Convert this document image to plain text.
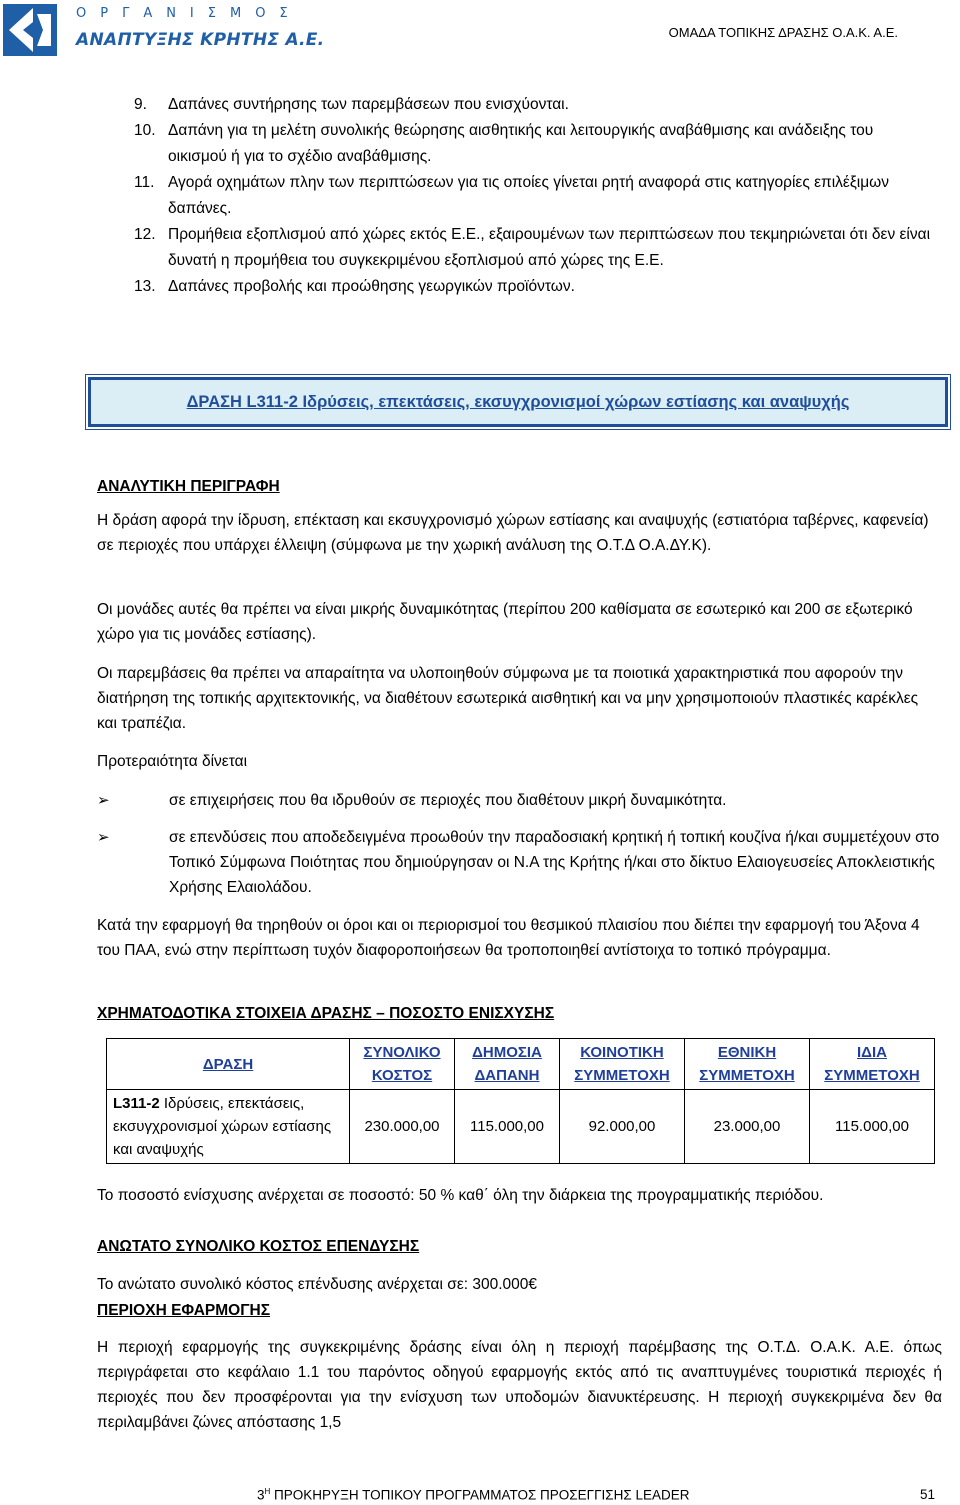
ΟΡΓΑΝΙΣΜΟΣ
ΑΝΑΠΤΥΞΗΣ ΚΡΗΤΗΣ Α.Ε.	ΟΜΑΔΑ ΤΟΠΙΚΗΣ ΔΡΑΣΗΣ Ο.Α.Κ. Α.Ε.
9.	Δαπάνες συντήρησης των παρεμβάσεων που ενισχύονται.
10. Δαπάνη για τη μελέτη συνολικής θεώρησης αισθητικής και λειτουργικής αναβάθμισης και ανάδειξης του οικισμού ή για το σχέδιο αναβάθμισης.
11. Αγορά οχημάτων πλην των περιπτώσεων για τις οποίες γίνεται ρητή αναφορά στις κατηγορίες επιλέξιμων δαπάνες.
12. Προμήθεια εξοπλισμού από χώρες εκτός Ε.Ε., εξαιρουμένων των περιπτώσεων που τεκμηριώνεται ότι δεν είναι δυνατή η προμήθεια του συγκεκριμένου εξοπλισμού από χώρες της Ε.Ε.
13. Δαπάνες προβολής και προώθησης γεωργικών προϊόντων.
ΔΡΑΣΗ L311-2 Ιδρύσεις, επεκτάσεις, εκσυγχρονισμοί χώρων εστίασης και αναψυχής
ΑΝΑΛΥΤΙΚΗ ΠΕΡΙΓΡΑΦΗ
Η δράση αφορά την ίδρυση, επέκταση και εκσυγχρονισμό χώρων εστίασης και αναψυχής (εστιατόρια ταβέρνες, καφενεία) σε περιοχές που υπάρχει έλλειψη (σύμφωνα με την χωρική ανάλυση της Ο.Τ.Δ Ο.Α.ΔΥ.Κ).
Οι μονάδες αυτές θα πρέπει να είναι μικρής δυναμικότητας (περίπου 200 καθίσματα σε εσωτερικό και 200 σε εξωτερικό χώρο για τις μονάδες εστίασης).
Οι παρεμβάσεις θα πρέπει να απαραίτητα να υλοποιηθούν σύμφωνα με τα ποιοτικά χαρακτηριστικά που αφορούν την διατήρηση της τοπικής αρχιτεκτονικής, να διαθέτουν εσωτερικά αισθητική και να μην χρησιμοποιούν πλαστικές καρέκλες και τραπέζια.
Προτεραιότητα δίνεται
➢	σε επιχειρήσεις που θα ιδρυθούν σε περιοχές που διαθέτουν μικρή δυναμικότητα.
➢	σε επενδύσεις που αποδεδειγμένα προωθούν την παραδοσιακή κρητική ή τοπική κουζίνα ή/και συμμετέχουν στο Τοπικό Σύμφωνα Ποιότητας που δημιούργησαν οι Ν.Α της Κρήτης ή/και στο δίκτυο Ελαιογευσείες Αποκλειστικής Χρήσης Ελαιολάδου.
Κατά την εφαρμογή θα τηρηθούν οι όροι και οι περιορισμοί του θεσμικού πλαισίου που διέπει την εφαρμογή του Άξονα 4 του ΠΑΑ, ενώ στην περίπτωση τυχόν διαφοροποιήσεων θα τροποποιηθεί αντίστοιχα το τοπικό πρόγραμμα.
ΧΡΗΜΑΤΟΔΟΤΙΚΑ ΣΤΟΙΧΕΙΑ ΔΡΑΣΗΣ – ΠΟΣΟΣΤΟ ΕΝΙΣΧΥΣΗΣ
ΔΡΑΣΗ	ΣΥΝΟΛΙΚΟ ΚΟΣΤΟΣ	ΔΗΜΟΣΙΑ ΔΑΠΑΝΗ	ΚΟΙΝΟΤΙΚΗ ΣΥΜΜΕΤΟΧΗ	ΕΘΝΙΚΗ ΣΥΜΜΕΤΟΧΗ	ΙΔΙΑ ΣΥΜΜΕΤΟΧΗ
L311-2 Ιδρύσεις, επεκτάσεις, εκσυγχρονισμοί χώρων εστίασης και αναψυχής	230.000,00	115.000,00	92.000,00	23.000,00	115.000,00
Το ποσοστό ενίσχυσης ανέρχεται σε ποσοστό: 50 % καθ΄ όλη την διάρκεια της προγραμματικής περιόδου.
ΑΝΩΤΑΤΟ ΣΥΝΟΛΙΚΟ ΚΟΣΤΟΣ ΕΠΕΝΔΥΣΗΣ
Το ανώτατο συνολικό κόστος επένδυσης ανέρχεται σε: 300.000€
ΠΕΡΙΟΧΗ ΕΦΑΡΜΟΓΗΣ
Η περιοχή εφαρμογής της συγκεκριμένης δράσης είναι όλη η περιοχή παρέμβασης της Ο.Τ.Δ. Ο.Α.Κ. Α.Ε. όπως περιγράφεται στο κεφάλαιο 1.1 του παρόντος οδηγού εφαρμογής εκτός από τις αναπτυγμένες τουριστικά περιοχές ή περιοχές που δεν προσφέρονται για την ενίσχυση των υποδομών διανυκτέρευσης. Η περιοχή συγκεκριμένα δεν θα περιλαμβάνει ζώνες απόστασης 1,5
$3^H$ ΠΡΟΚΗΡΥΞΗ ΤΟΠΙΚΟΥ ΠΡΟΓΡΑΜΜΑΤΟΣ ΠΡΟΣΕΓΓΙΣΗΣ LEADER	51
